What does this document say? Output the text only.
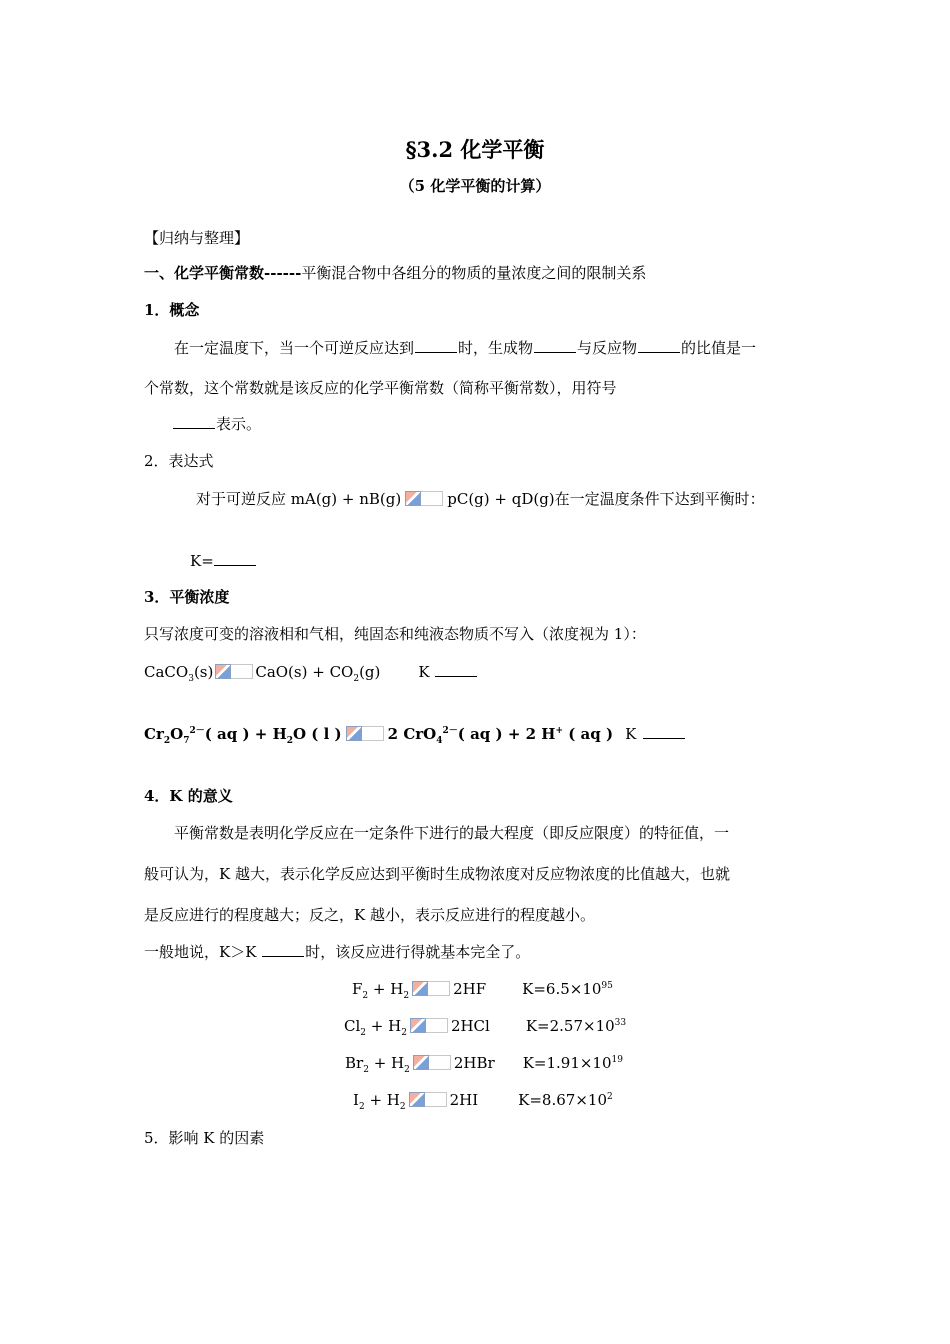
§3.2 化学平衡
（5 化学平衡的计算）
【归纳与整理】
一、化学平衡常数------平衡混合物中各组分的物质的量浓度之间的限制关系
1．概念
在一定温度下，当一个可逆反应达到	时，生成物	与反应物	的比值是一
个常数，这个常数就是该反应的化学平衡常数（简称平衡常数），用符号
表示。
2．表达式
对于可逆反应 mA(g) + nB(g)	pC(g) + qD(g)在一定温度条件下达到平衡时：
K=
3．平衡浓度
只写浓度可变的溶液相和气相，纯固态和纯液态物质不写入（浓度视为 1）：
CaCO$_3$(s)	$CaO(s) + CO_2(g)$	K
$Cr_2O_7^{2-}$( aq ) + $H_2O$ ( l )	2 CrO$_4^{2-}$( aq ) + 2 H+ ( aq ) K
4．K 的意义
平衡常数是表明化学反应在一定条件下进行的最大程度（即反应限度）的特征值，一
般可认为，K 越大，表示化学反应达到平衡时生成物浓度对反应物浓度的比值越大，也就
是反应进行的程度越大；反之，K 越小，表示反应进行的程度越小。
一般地说，K＞K	时，该反应进行得就基本完全了。
$F_2 + H_2$	2HF $K=6.5\times 10^{95}$
$Cl_2 + H_2$	2HCl $K=2.57\times 10^{33}$
$Br_2 + H_2$	2HBr $K=1.91\times 10^{19}$
$I_2 + H_2$	2HI	$K=8.67\times 10^2$
5．影响 K 的因素
